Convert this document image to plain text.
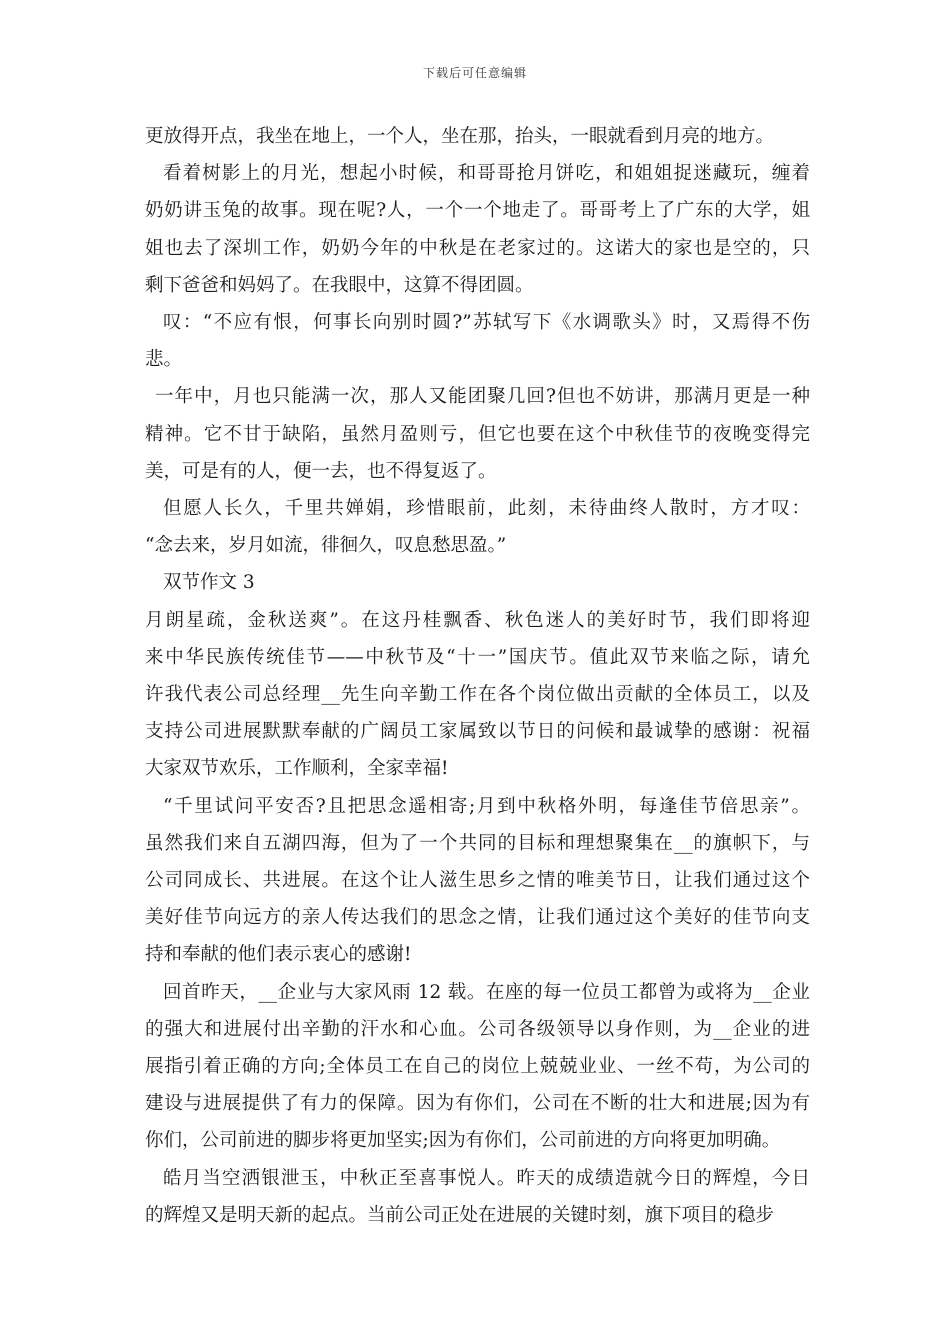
下载后可任意编辑
更放得开点，我坐在地上，一个人，坐在那，抬头，一眼就看到月亮的地方。
看着树影上的月光，想起小时候，和哥哥抢月饼吃，和姐姐捉迷藏玩，缠着
奶奶讲玉兔的故事。现在呢?人，一个一个地走了。哥哥考上了广东的大学，姐
姐也去了深圳工作，奶奶今年的中秋是在老家过的。这诺大的家也是空的，只
剩下爸爸和妈妈了。在我眼中，这算不得团圆。
叹：“不应有恨，何事长向别时圆?”苏轼写下《水调歌头》时，又焉得不伤
悲。
一年中，月也只能满一次，那人又能团聚几回?但也不妨讲，那满月更是一种
精神。它不甘于缺陷，虽然月盈则亏，但它也要在这个中秋佳节的夜晚变得完
美，可是有的人，便一去，也不得复返了。
但愿人长久，千里共婵娟，珍惜眼前，此刻，未待曲终人散时，方才叹：
“念去来，岁月如流，徘徊久，叹息愁思盈。”
双节作文 3
月朗星疏，金秋送爽”。在这丹桂飘香、秋色迷人的美好时节，我们即将迎
来中华民族传统佳节——中秋节及“十一”国庆节。值此双节来临之际，请允
许我代表公司总经理__先生向辛勤工作在各个岗位做出贡献的全体员工，以及
支持公司进展默默奉献的广阔员工家属致以节日的问候和最诚挚的感谢：祝福
大家双节欢乐，工作顺利，全家幸福!
“千里试问平安否?且把思念遥相寄;月到中秋格外明，每逢佳节倍思亲”。
虽然我们来自五湖四海，但为了一个共同的目标和理想聚集在__的旗帜下，与
公司同成长、共进展。在这个让人滋生思乡之情的唯美节日，让我们通过这个
美好佳节向远方的亲人传达我们的思念之情，让我们通过这个美好的佳节向支
持和奉献的他们表示衷心的感谢!
回首昨天，__企业与大家风雨 12 载。在座的每一位员工都曾为或将为__企业
的强大和进展付出辛勤的汗水和心血。公司各级领导以身作则，为__企业的进
展指引着正确的方向;全体员工在自己的岗位上兢兢业业、一丝不苟，为公司的
建设与进展提供了有力的保障。因为有你们，公司在不断的壮大和进展;因为有
你们，公司前进的脚步将更加坚实;因为有你们，公司前进的方向将更加明确。
皓月当空洒银泄玉，中秋正至喜事悦人。昨天的成绩造就今日的辉煌，今日
的辉煌又是明天新的起点。当前公司正处在进展的关键时刻，旗下项目的稳步
